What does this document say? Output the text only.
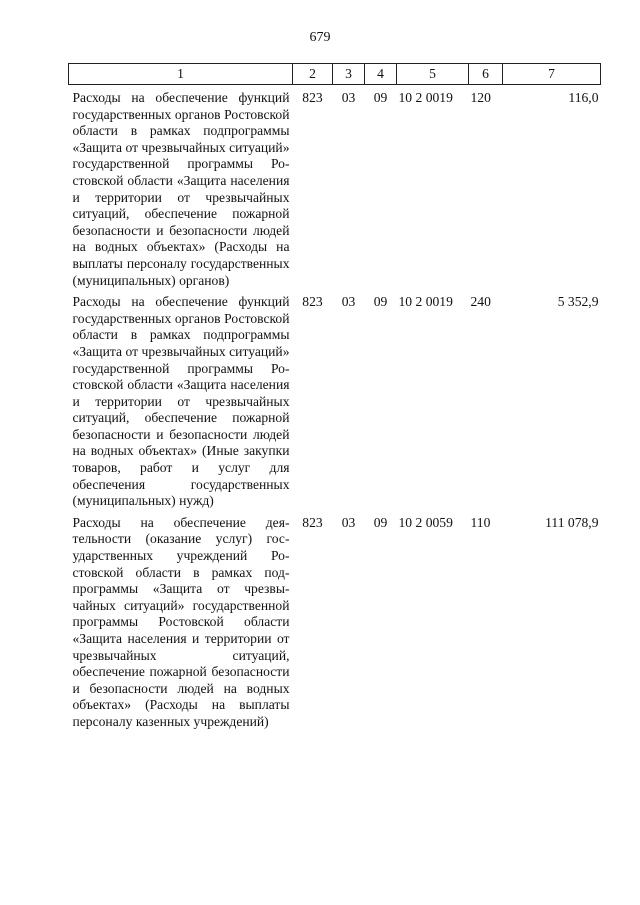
679
1	2	3	4	5	6	7
Расходы на обеспечение функций государственных органов Ростовской области в рамках подпрограммы «Защита от чрезвычайных ситуаций» государственной программы Ростовской области «Защита населения и территории от чрезвычайных ситуаций, обеспечение пожарной безопасности и безопасности людей на водных объектах» (Расходы на выплаты персоналу государственных (муниципальных) органов)	823	03	09	10 2 0019	120	116,0
Расходы на обеспечение функций государственных органов Ростовской области в рамках подпрограммы «Защита от чрезвычайных ситуаций» государственной программы Ростовской области «Защита населения и территории от чрезвычайных ситуаций, обеспечение пожарной безопасности и безопасности людей на водных объектах» (Иные закупки товаров, работ и услуг для обеспечения государственных (муниципальных) нужд)	823	03	09	10 2 0019	240	5 352,9
Расходы на обеспечение деятельности (оказание услуг) государственных учреждений Ростовской области в рамках подпрограммы «Защита от чрезвычайных ситуаций» государственной программы Ростовской области «Защита населения и территории от чрезвычайных ситуаций, обеспечение пожарной безопасности и безопасности людей на водных объектах» (Расходы на выплаты персоналу казенных учреждений)	823	03	09	10 2 0059	110	111 078,9
